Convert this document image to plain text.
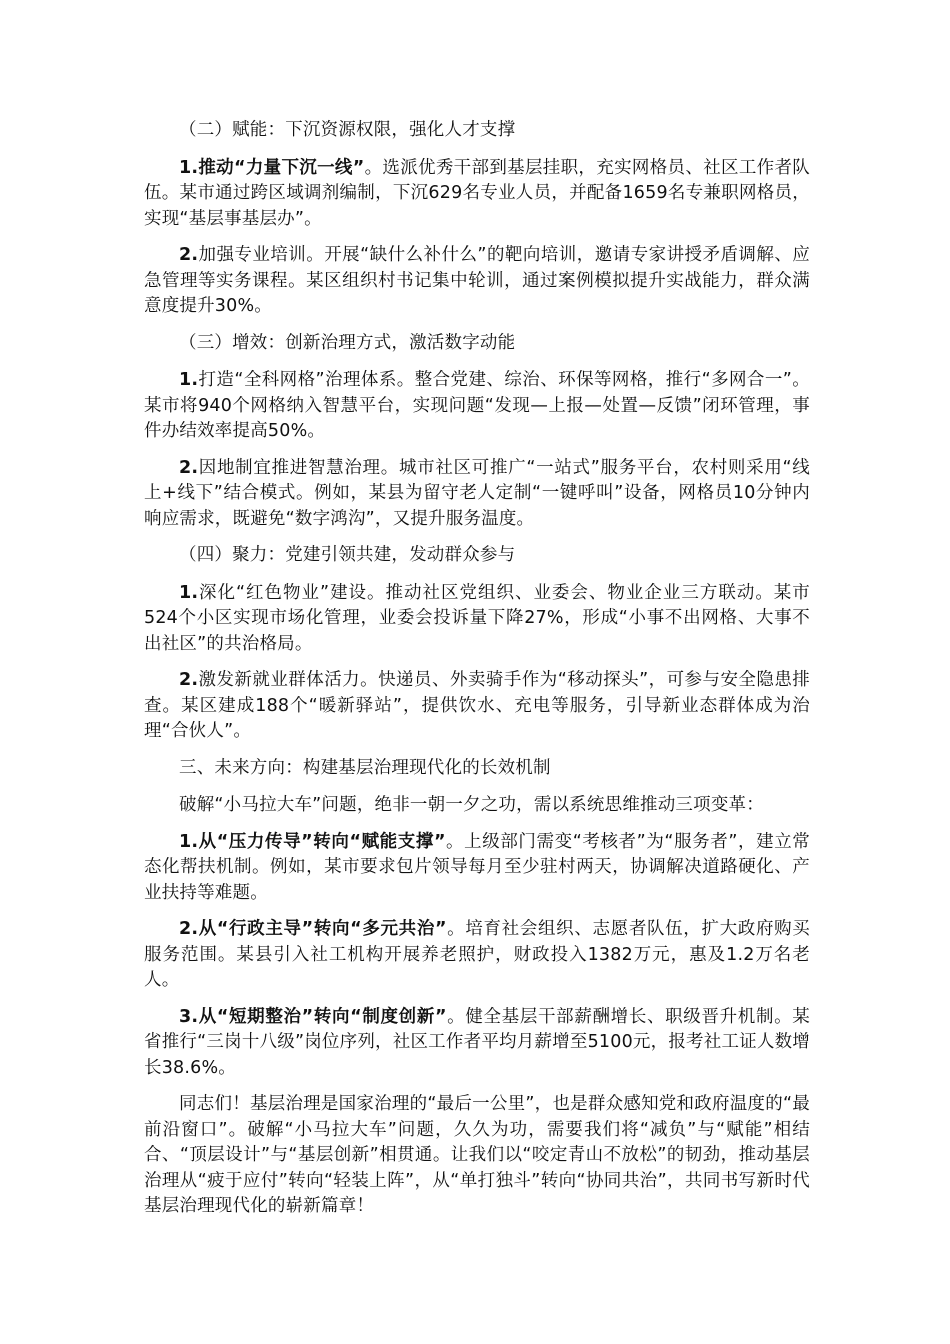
（二）赋能：下沉资源权限，强化人才支撑

1.推动“力量下沉一线”。选派优秀干部到基层挂职，充实网格员、社区工作者队伍。某市通过跨区域调剂编制，下沉629名专业人员，并配备1659名专兼职网格员，实现“基层事基层办”。

2.加强专业培训。开展“缺什么补什么”的靶向培训，邀请专家讲授矛盾调解、应急管理等实务课程。某区组织村书记集中轮训，通过案例模拟提升实战能力，群众满意度提升30%。

（三）增效：创新治理方式，激活数字动能

1.打造“全科网格”治理体系。整合党建、综治、环保等网格，推行“多网合一”。某市将940个网格纳入智慧平台，实现问题“发现—上报—处置—反馈”闭环管理，事件办结效率提高50%。

2.因地制宜推进智慧治理。城市社区可推广“一站式”服务平台，农村则采用“线上+线下”结合模式。例如，某县为留守老人定制“一键呼叫”设备，网格员10分钟内响应需求，既避免“数字鸿沟”，又提升服务温度。

（四）聚力：党建引领共建，发动群众参与

1.深化“红色物业”建设。推动社区党组织、业委会、物业企业三方联动。某市524个小区实现市场化管理，业委会投诉量下降27%，形成“小事不出网格、大事不出社区”的共治格局。

2.激发新就业群体活力。快递员、外卖骑手作为“移动探头”，可参与安全隐患排查。某区建成188个“暖新驿站”，提供饮水、充电等服务，引导新业态群体成为治理“合伙人”。

三、未来方向：构建基层治理现代化的长效机制

破解“小马拉大车”问题，绝非一朝一夕之功，需以系统思维推动三项变革：

1.从“压力传导”转向“赋能支撑”。上级部门需变“考核者”为“服务者”，建立常态化帮扶机制。例如，某市要求包片领导每月至少驻村两天，协调解决道路硬化、产业扶持等难题。

2.从“行政主导”转向“多元共治”。培育社会组织、志愿者队伍，扩大政府购买服务范围。某县引入社工机构开展养老照护，财政投入1382万元，惠及1.2万名老人。

3.从“短期整治”转向“制度创新”。健全基层干部薪酬增长、职级晋升机制。某省推行“三岗十八级”岗位序列，社区工作者平均月薪增至5100元，报考社工证人数增长38.6%。

同志们！基层治理是国家治理的“最后一公里”，也是群众感知党和政府温度的“最前沿窗口”。破解“小马拉大车”问题，久久为功，需要我们将“减负”与“赋能”相结合、“顶层设计”与“基层创新”相贯通。让我们以“咬定青山不放松”的韧劲，推动基层治理从“疲于应付”转向“轻装上阵”，从“单打独斗”转向“协同共治”，共同书写新时代基层治理现代化的崭新篇章！
